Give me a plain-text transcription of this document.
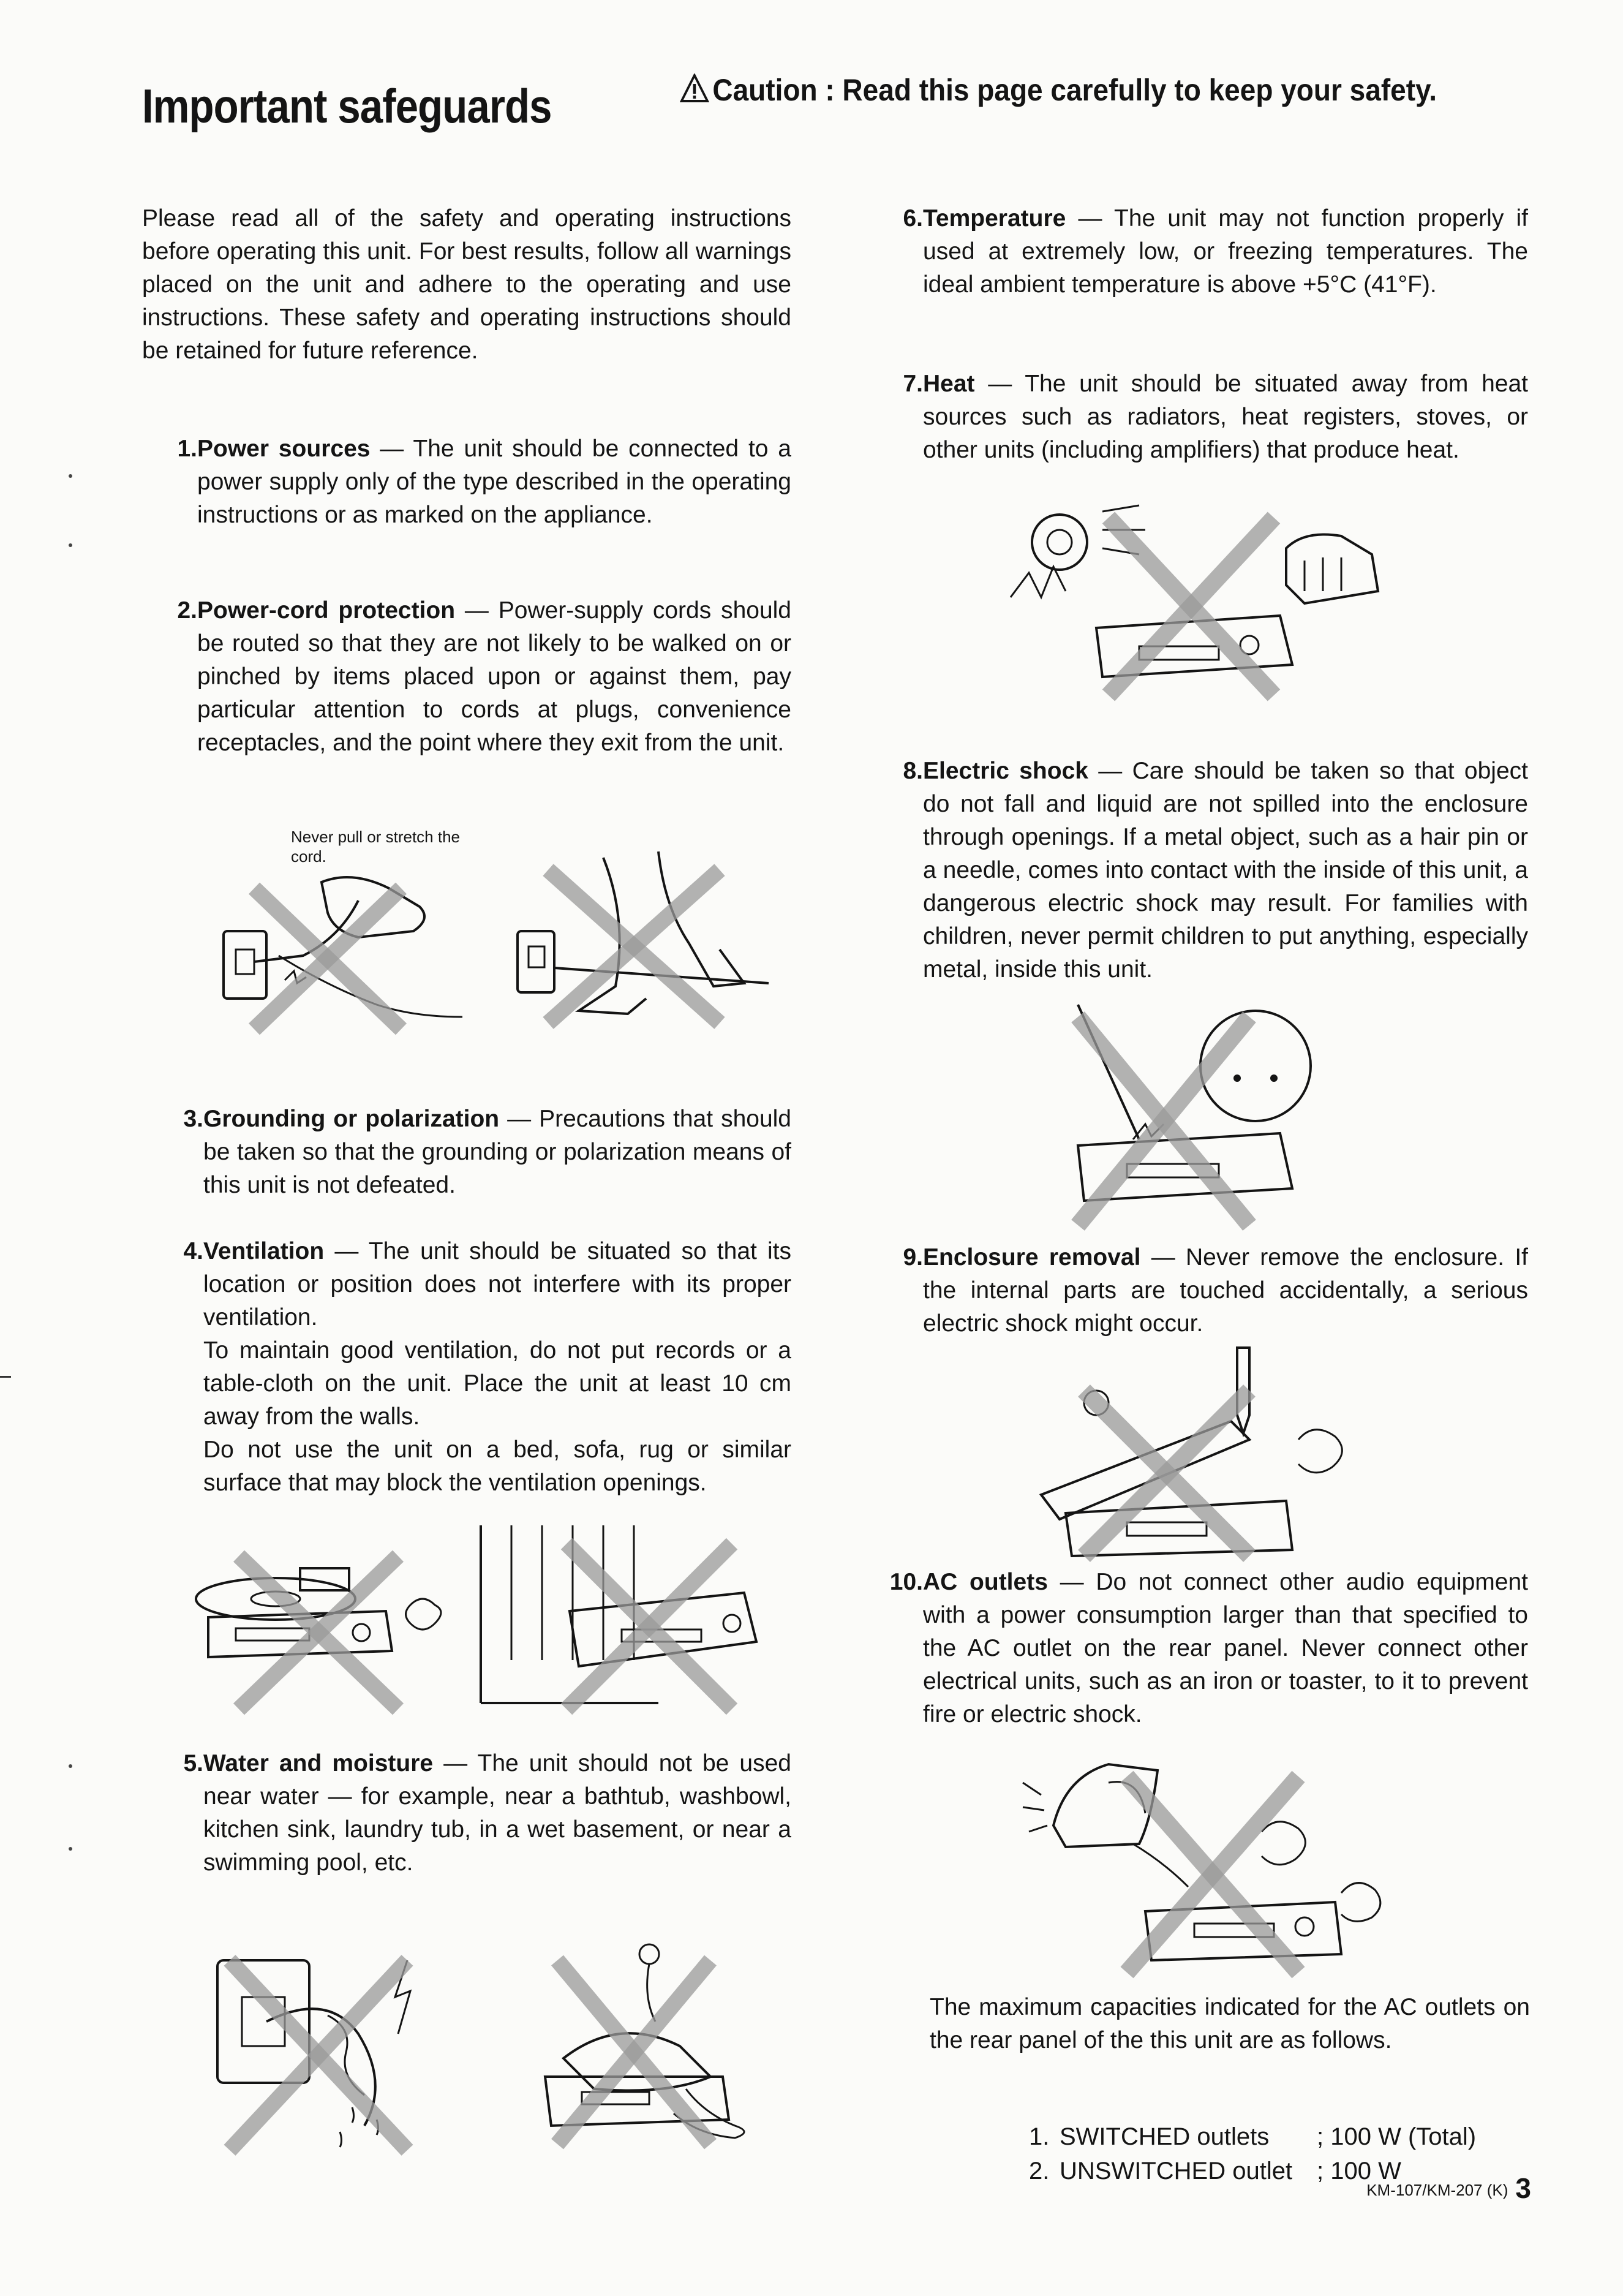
Important safeguards	Caution : Read this page carefully to keep your safety.

Please read all of the safety and operating instructions before operating this unit. For best results, follow all warnings placed on the unit and adhere to the operating and use instructions. These safety and operating instructions should be retained for future reference.

1. Power sources — The unit should be connected to a power supply only of the type described in the operating instructions or as marked on the appliance.
2. Power-cord protection — Power-supply cords should be routed so that they are not likely to be walked on or pinched by items placed upon or against them, pay particular attention to cords at plugs, convenience receptacles, and the point where they exit from the unit.
Never pull or stretch the cord.
3. Grounding or polarization — Precautions that should be taken so that the grounding or polarization means of this unit is not defeated.
4. Ventilation — The unit should be situated so that its location or position does not interfere with its proper ventilation.
To maintain good ventilation, do not put records or a table-cloth on the unit. Place the unit at least 10 cm away from the walls.
Do not use the unit on a bed, sofa, rug or similar surface that may block the ventilation openings.
5. Water and moisture — The unit should not be used near water — for example, near a bathtub, washbowl, kitchen sink, laundry tub, in a wet basement, or near a swimming pool, etc.
6. Temperature — The unit may not function properly if used at extremely low, or freezing temperatures. The ideal ambient temperature is above +5°C (41°F).
7. Heat — The unit should be situated away from heat sources such as radiators, heat registers, stoves, or other units (including amplifiers) that produce heat.
8. Electric shock — Care should be taken so that object do not fall and liquid are not spilled into the enclosure through openings. If a metal object, such as a hair pin or a needle, comes into contact with the inside of this unit, a dangerous electric shock may result. For families with children, never permit children to put anything, especially metal, inside this unit.
9. Enclosure removal — Never remove the enclosure. If the internal parts are touched accidentally, a serious electric shock might occur.
10. AC outlets — Do not connect other audio equipment with a power consumption larger than that specified to the AC outlet on the rear panel. Never connect other electrical units, such as an iron or toaster, to it to prevent fire or electric shock.

The maximum capacities indicated for the AC outlets on the rear panel of the this unit are as follows.

1. SWITCHED outlets	; 100 W (Total)
2. UNSWITCHED outlet ; 100 W
KM-107/KM-207 (K) 3
